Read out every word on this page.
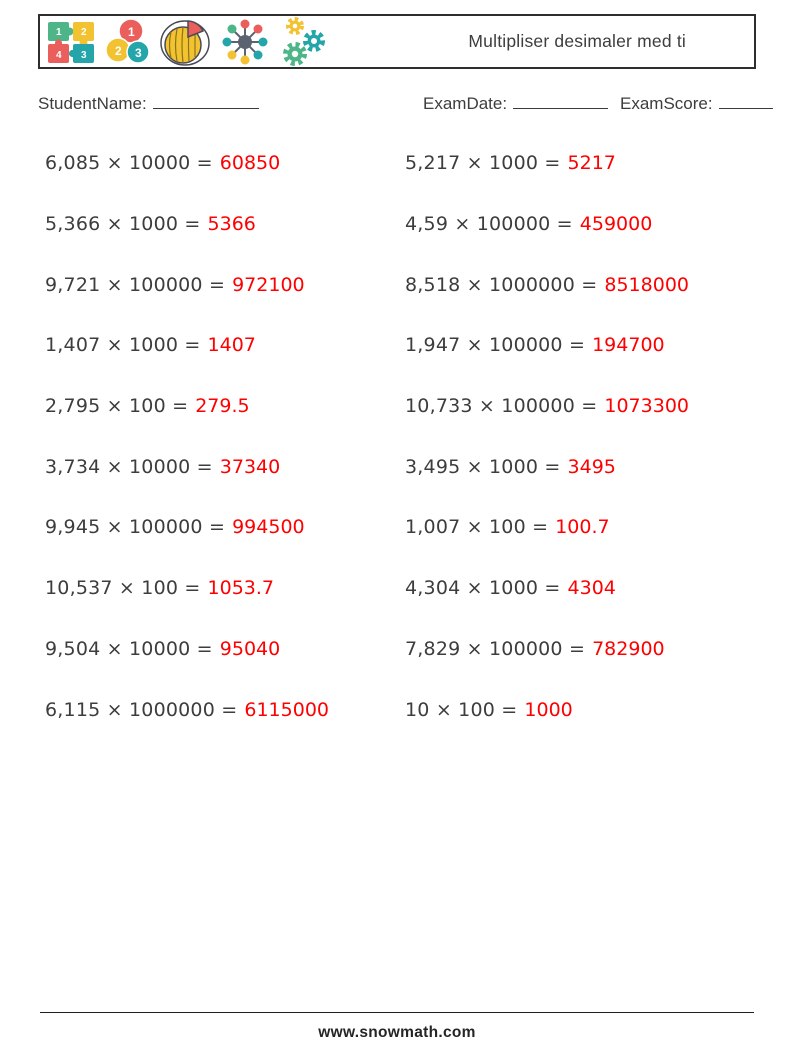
1 2
4 3
1
2 3
Multipliser desimaler med ti
StudentName:	ExamDate:	ExamScore:
6,085 × 10000 = 60850
5,366 × 1000 = 5366
9,721 × 100000 = 972100
1,407 × 1000 = 1407
2,795 × 100 = 279.5
3,734 × 10000 = 37340
9,945 × 100000 = 994500
10,537 × 100 = 1053.7
9,504 × 10000 = 95040
6,115 × 1000000 = 6115000
5,217 × 1000 = 5217
4,59 × 100000 = 459000
8,518 × 1000000 = 8518000
1,947 × 100000 = 194700
10,733 × 100000 = 1073300
3,495 × 1000 = 3495
1,007 × 100 = 100.7
4,304 × 1000 = 4304
7,829 × 100000 = 782900
10 × 100 = 1000
www.snowmath.com
